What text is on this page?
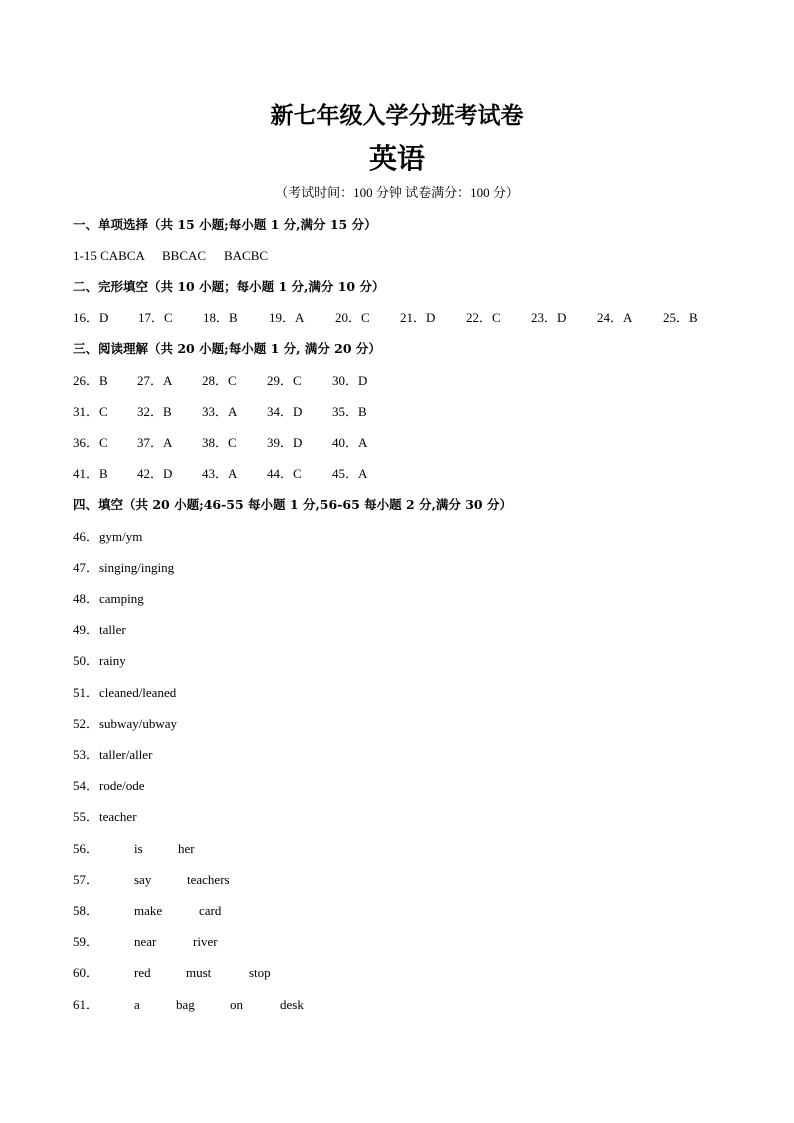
新七年级入学分班考试卷
英语
（考试时间：100 分钟 试卷满分：100 分）
一、单项选择（共 15 小题;每小题 1 分,满分 15 分）
1-15 CABCA BBCAC BACBC
二、完形填空（共 10 小题；每小题 1 分,满分 10 分）
16．D 17．C 18．B 19．A 20．C 21．D 22．C 23．D 24．A 25．B
三、阅读理解（共 20 小题;每小题 1 分, 满分 20 分）
26．B 27．A 28．C 29．C 30．D
31．C 32．B 33．A 34．D 35．B
36．C 37．A 38．C 39．D 40．A
41．B 42．D 43．A 44．C 45．A
四、填空（共 20 小题;46-55 每小题 1 分,56-65 每小题 2 分,满分 30 分）
46．gym/ym
47．singing/inging
48．camping
49．taller
50．rainy
51．cleaned/leaned
52．subway/ubway
53．taller/aller
54．rode/ode
55．teacher
56．	is	her
57．	say	teachers
58．	make	card
59．	near	river
60．	red	must	stop
61．	a	bag	on	desk
